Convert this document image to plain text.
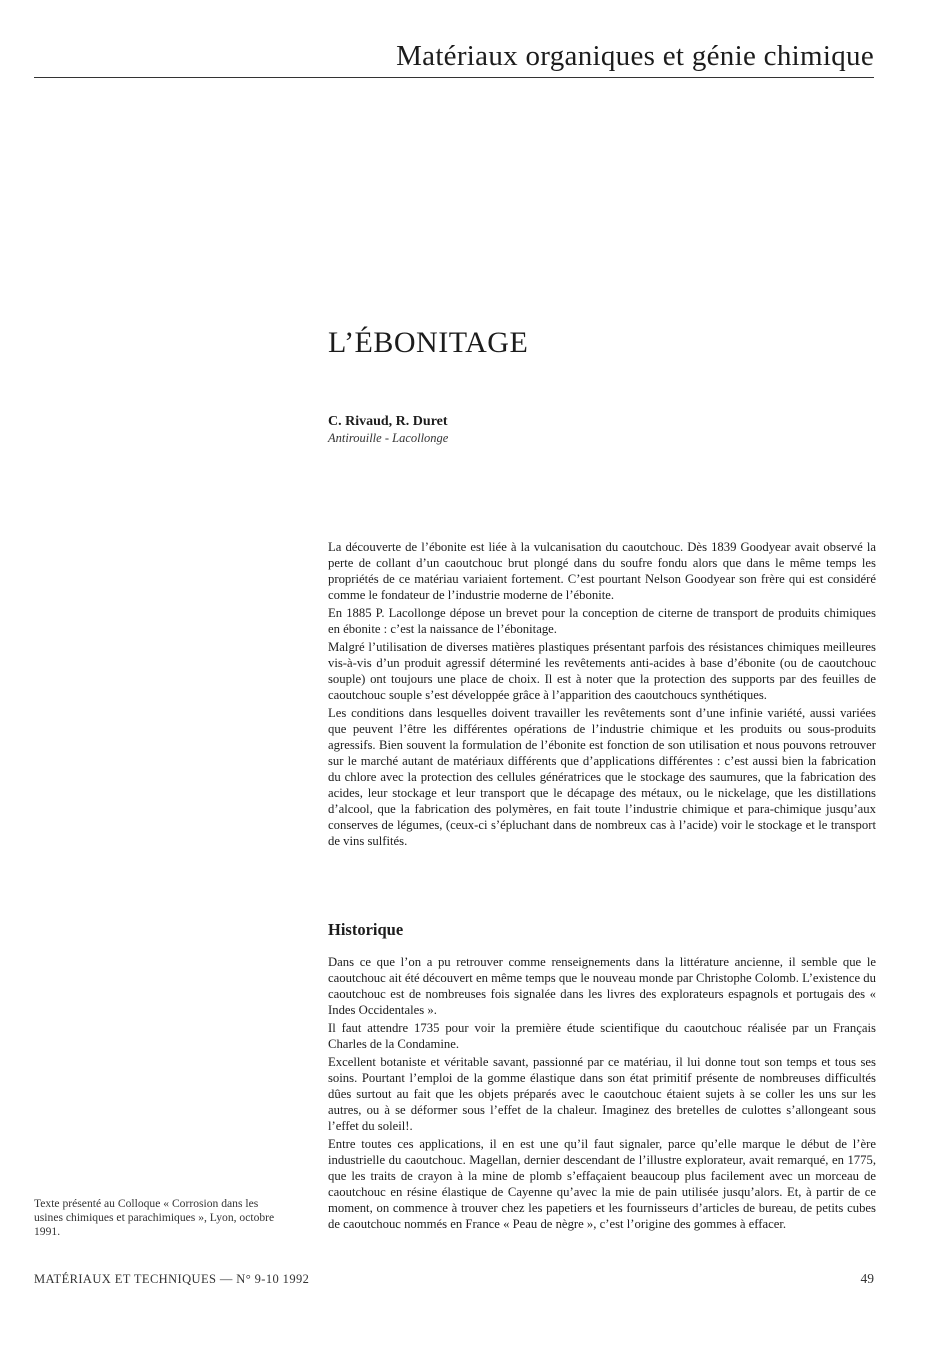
Matériaux organiques et génie chimique
L’ÉBONITAGE
C. Rivaud, R. Duret
Antirouille - Lacollonge

La découverte de l’ébonite est liée à la vulcanisation du caoutchouc. Dès 1839 Goodyear avait observé la perte de collant d’un caoutchouc brut plongé dans du soufre fondu alors que dans le même temps les propriétés de ce matériau variaient fortement. C’est pourtant Nelson Goodyear son frère qui est considéré comme le fondateur de l’industrie moderne de l’ébonite.

En 1885 P. Lacollonge dépose un brevet pour la conception de citerne de transport de produits chimiques en ébonite : c’est la naissance de l’ébonitage.

Malgré l’utilisation de diverses matières plastiques présentant parfois des résistances chimiques meilleures vis-à-vis d’un produit agressif déterminé les revêtements anti-acides à base d’ébonite (ou de caoutchouc souple) ont toujours une place de choix. Il est à noter que la protection des supports par des feuilles de caoutchouc souple s’est développée grâce à l’apparition des caoutchoucs synthétiques.

Les conditions dans lesquelles doivent travailler les revêtements sont d’une infinie variété, aussi variées que peuvent l’être les différentes opérations de l’industrie chimique et les produits ou sous-produits agressifs. Bien souvent la formulation de l’ébonite est fonction de son utilisation et nous pouvons retrouver sur le marché autant de matériaux différents que d’applications différentes : c’est aussi bien la fabrication du chlore avec la protection des cellules génératrices que le stockage des saumures, que la fabrication des acides, leur stockage et leur transport que le décapage des métaux, ou le nickelage, que les distillations d’alcool, que la fabrication des polymères, en fait toute l’industrie chimique et para-chimique jusqu’aux conserves de légumes, (ceux-ci s’épluchant dans de nombreux cas à l’acide) voir le stockage et le transport de vins sulfités.

Historique

Dans ce que l’on a pu retrouver comme renseignements dans la littérature ancienne, il semble que le caoutchouc ait été découvert en même temps que le nouveau monde par Christophe Colomb. L’existence du caoutchouc est de nombreuses fois signalée dans les livres des explorateurs espagnols et portugais des « Indes Occidentales ».

Il faut attendre 1735 pour voir la première étude scientifique du caoutchouc réalisée par un Français Charles de la Condamine.

Excellent botaniste et véritable savant, passionné par ce matériau, il lui donne tout son temps et tous ses soins. Pourtant l’emploi de la gomme élastique dans son état primitif présente de nombreuses difficultés dûes surtout au fait que les objets préparés avec le caoutchouc étaient sujets à se coller les uns sur les autres, ou à se déformer sous l’effet de la chaleur. Imaginez des bretelles de culottes s’allongeant sous l’effet du soleil!.

Entre toutes ces applications, il en est une qu’il faut signaler, parce qu’elle marque le début de l’ère industrielle du caoutchouc. Magellan, dernier descendant de l’illustre explorateur, avait remarqué, en 1775, que les traits de crayon à la mine de plomb s’effaçaient beaucoup plus facilement avec un morceau de caoutchouc en résine élastique de Cayenne qu’avec la mie de pain utilisée jusqu’alors. Et, à partir de ce moment, on commence à trouver chez les papetiers et les fournisseurs d’articles de bureau, de petits cubes de caoutchouc nommés en France « Peau de nègre », c’est l’origine des gommes à effacer.

Texte présenté au Colloque « Corrosion dans les usines chimiques et parachimiques », Lyon, octobre 1991.
MATÉRIAUX ET TECHNIQUES — N° 9-10 1992	49
